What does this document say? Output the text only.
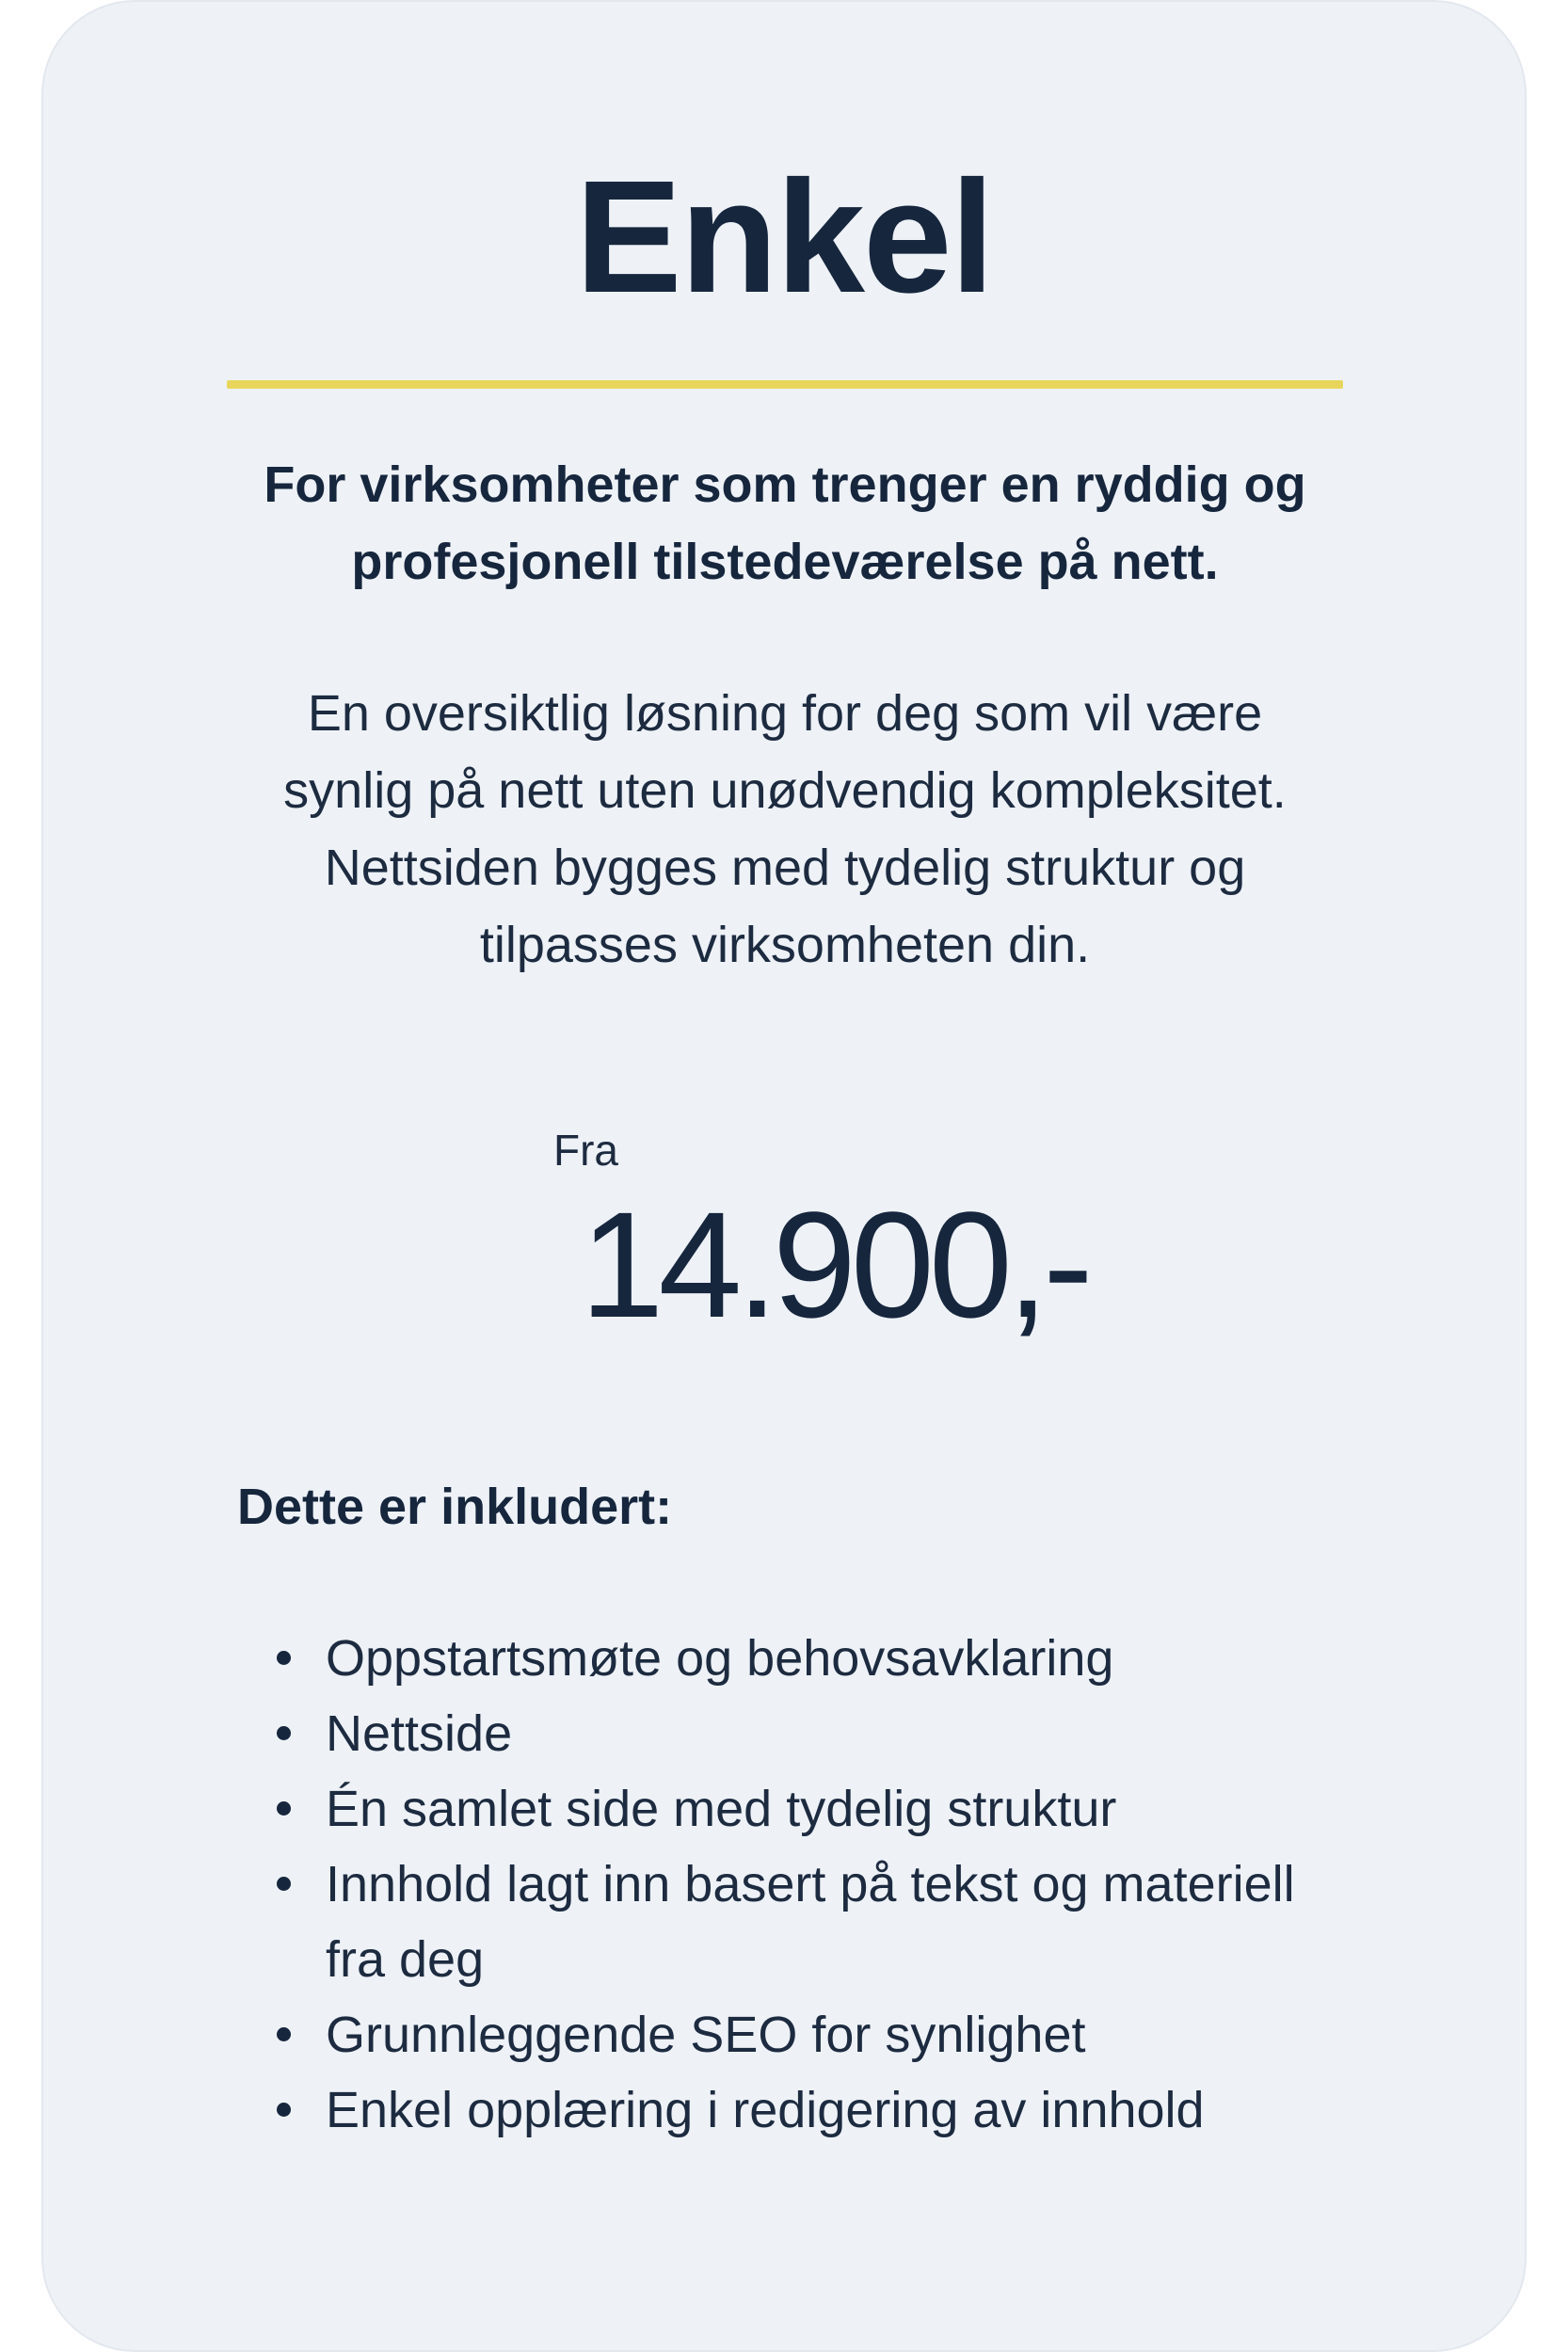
Enkel

For virksomheter som trenger en ryddig og profesjonell tilstedeværelse på nett.

En oversiktlig løsning for deg som vil være synlig på nett uten unødvendig kompleksitet. Nettsiden bygges med tydelig struktur og tilpasses virksomheten din.

Fra
14.900,-
Dette er inkludert:
Oppstartsmøte og behovsavklaring
Nettside
Én samlet side med tydelig struktur
Innhold lagt inn basert på tekst og materiell fra deg
Grunnleggende SEO for synlighet
Enkel opplæring i redigering av innhold
